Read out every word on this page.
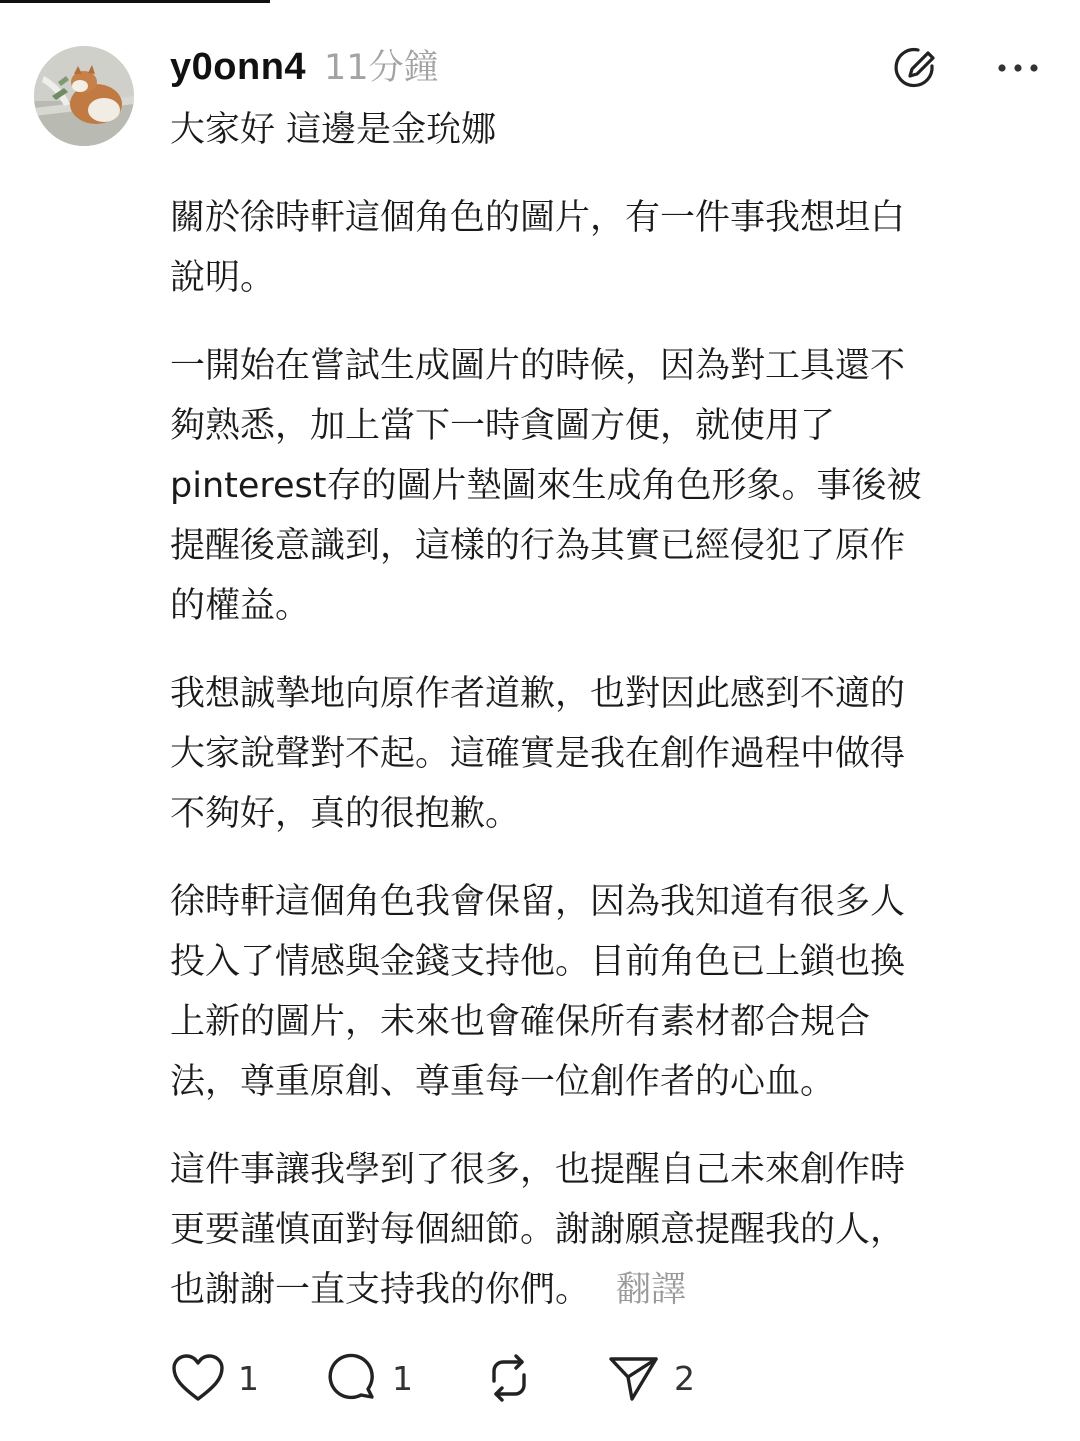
y0onn4 11分鐘

大家好 這邊是金玧娜

關於徐時軒這個角色的圖片，有一件事我想坦白
說明。

一開始在嘗試生成圖片的時候，因為對工具還不
夠熟悉，加上當下一時貪圖方便，就使用了
pinterest存的圖片墊圖來生成角色形象。事後被
提醒後意識到，這樣的行為其實已經侵犯了原作
的權益。

我想誠摯地向原作者道歉，也對因此感到不適的
大家說聲對不起。這確實是我在創作過程中做得
不夠好，真的很抱歉。

徐時軒這個角色我會保留，因為我知道有很多人
投入了情感與金錢支持他。目前角色已上鎖也換
上新的圖片，未來也會確保所有素材都合規合
法，尊重原創、尊重每一位創作者的心血。

這件事讓我學到了很多，也提醒自己未來創作時
更要謹慎面對每個細節。謝謝願意提醒我的人，
也謝謝一直支持我的你們。 翻譯

1	1	2
